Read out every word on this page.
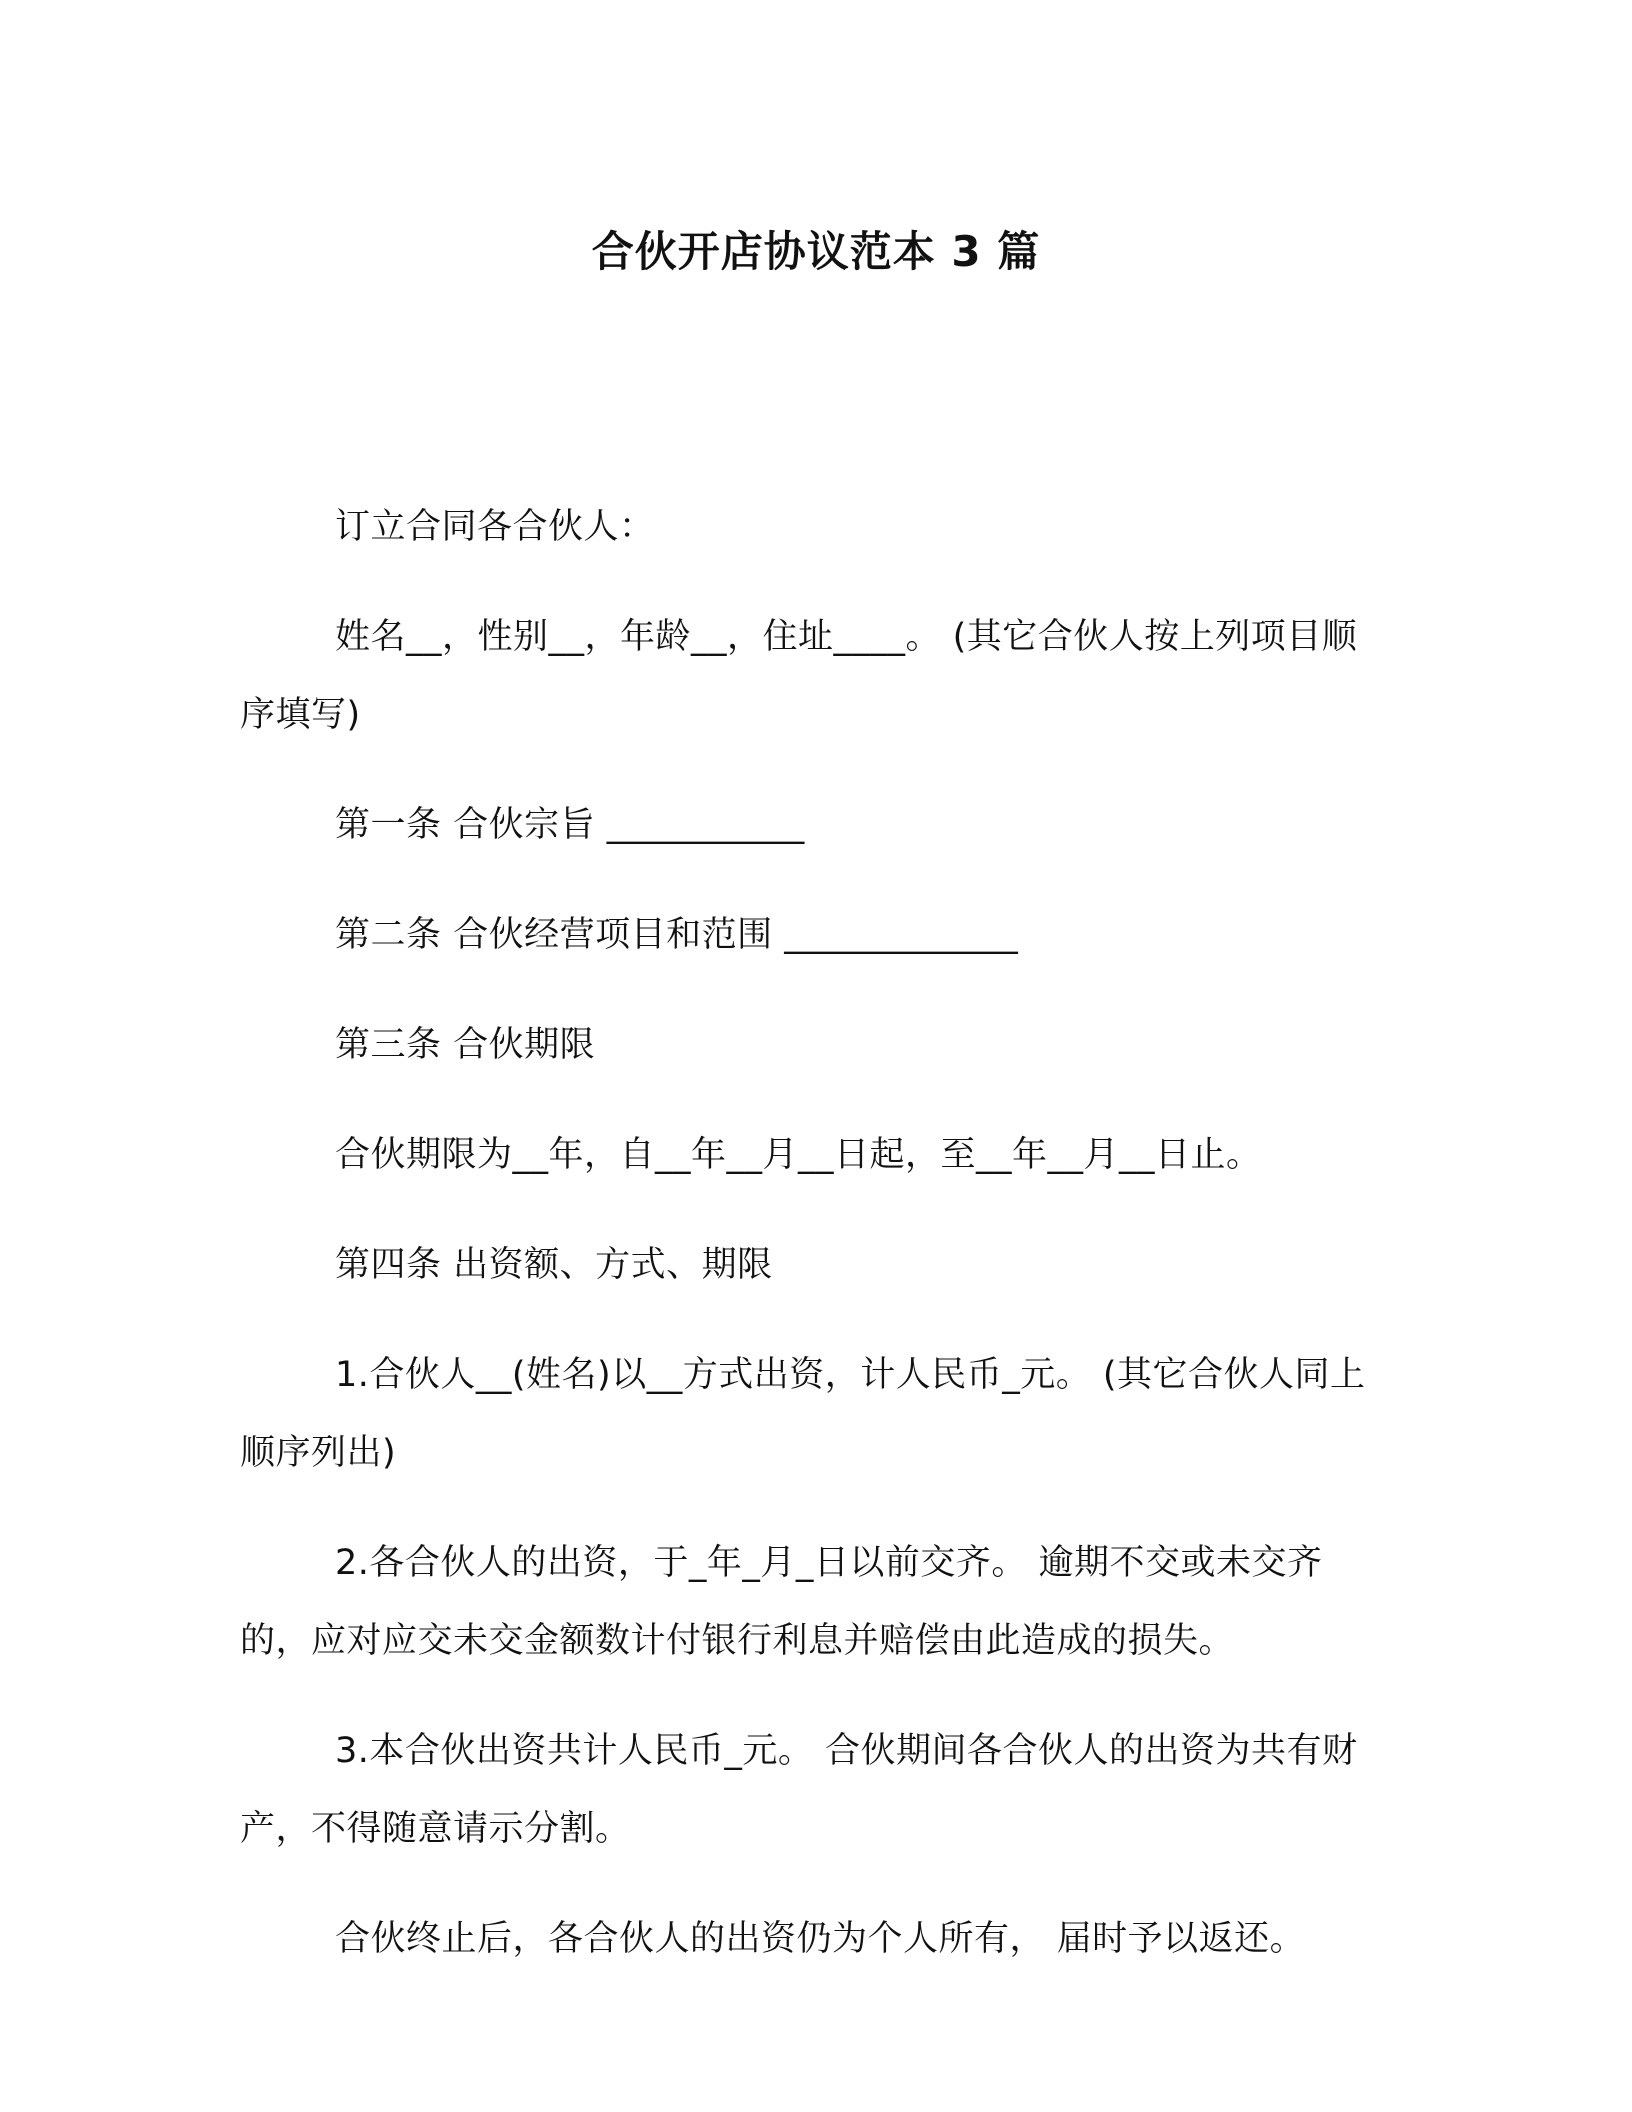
合伙开店协议范本 3 篇

订立合同各合伙人：

姓名__，性别__，年龄__，住址____。 (其它合伙人按上列项目顺序填写)

第一条 合伙宗旨 ___________

第二条 合伙经营项目和范围 _____________

第三条 合伙期限

合伙期限为__年，自__年__月__日起，至__年__月__日止。

第四条 出资额、方式、期限

1.合伙人__(姓名)以__方式出资，计人民币_元。 (其它合伙人同上顺序列出)

2.各合伙人的出资，于_年_月_日以前交齐。 逾期不交或未交齐的，应对应交未交金额数计付银行利息并赔偿由此造成的损失。

3.本合伙出资共计人民币_元。 合伙期间各合伙人的出资为共有财产，不得随意请示分割。

合伙终止后，各合伙人的出资仍为个人所有， 届时予以返还。
